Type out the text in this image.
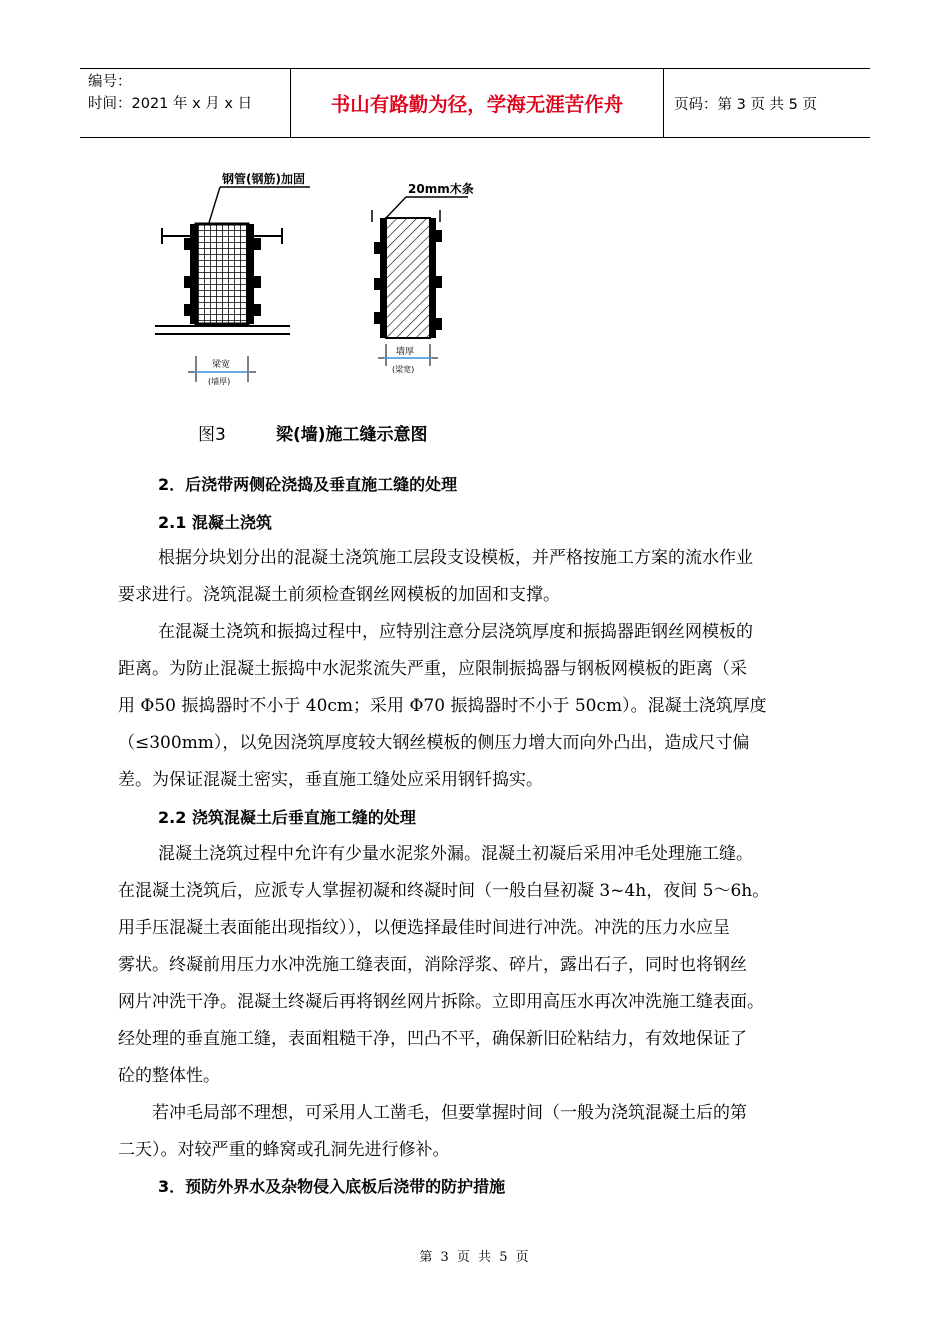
编号：
时间：2021 年 x 月 x 日	书山有路勤为径，学海无涯苦作舟	页码：第 3 页 共 5 页
钢管(钢筋)加固
梁宽
(墙厚)
20mm木条
墙厚
(梁宽)
图3	梁(墙)施工缝示意图
2．后浇带两侧砼浇捣及垂直施工缝的处理
2.1 混凝土浇筑
根据分块划分出的混凝土浇筑施工层段支设模板，并严格按施工方案的流水作业
要求进行。浇筑混凝土前须检查钢丝网模板的加固和支撑。
在混凝土浇筑和振捣过程中，应特别注意分层浇筑厚度和振捣器距钢丝网模板的
距离。为防止混凝土振捣中水泥浆流失严重，应限制振捣器与钢板网模板的距离（采
用 Φ50 振捣器时不小于 40cm；采用 Φ70 振捣器时不小于 50cm）。混凝土浇筑厚度
（≤300mm），以免因浇筑厚度较大钢丝模板的侧压力增大而向外凸出，造成尺寸偏
差。为保证混凝土密实，垂直施工缝处应采用钢钎捣实。
2.2 浇筑混凝土后垂直施工缝的处理
混凝土浇筑过程中允许有少量水泥浆外漏。混凝土初凝后采用冲毛处理施工缝。
在混凝土浇筑后，应派专人掌握初凝和终凝时间（一般白昼初凝 3~4h，夜间 5～6h。
用手压混凝土表面能出现指纹）），以便选择最佳时间进行冲洗。冲洗的压力水应呈
雾状。终凝前用压力水冲洗施工缝表面，消除浮浆、碎片，露出石子，同时也将钢丝
网片冲洗干净。混凝土终凝后再将钢丝网片拆除。立即用高压水再次冲洗施工缝表面。
经处理的垂直施工缝，表面粗糙干净，凹凸不平，确保新旧砼粘结力，有效地保证了
砼的整体性。
若冲毛局部不理想，可采用人工凿毛，但要掌握时间（一般为浇筑混凝土后的第
二天）。对较严重的蜂窝或孔洞先进行修补。
3．预防外界水及杂物侵入底板后浇带的防护措施
第 3 页 共 5 页
